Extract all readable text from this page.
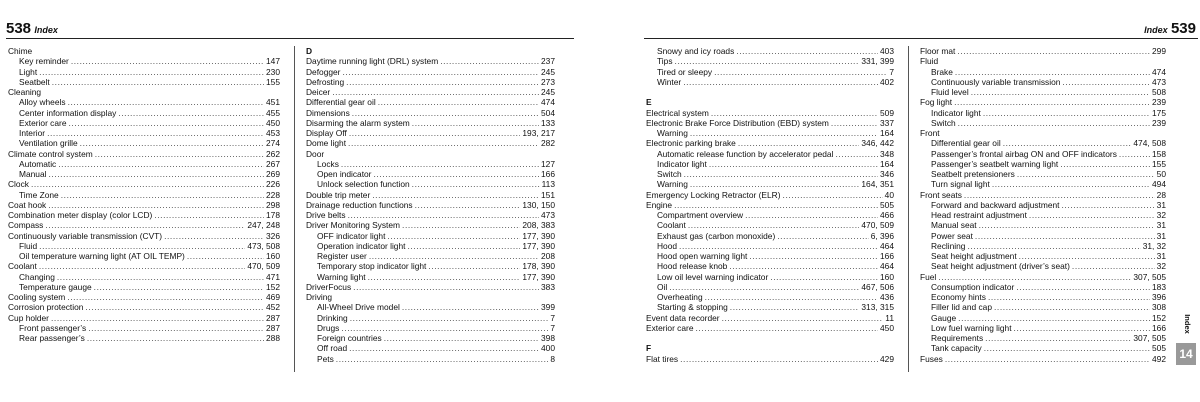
538 Index
Chime
Key reminder .....	147
Light .....	230
Seatbelt .....	155
Cleaning
Alloy wheels .....	451
Center information display .....	455
Exterior care .....	450
Interior .....	453
Ventilation grille .....	274
Climate control system .....	262
Automatic .....	267
Manual .....	269
Clock .....	226
Time Zone .....	228
Coat hook .....	298
Combination meter display (color LCD) .....	178
Compass .....	247, 248
Continuously variable transmission (CVT) .....	326
Fluid .....	473, 508
Oil temperature warning light (AT OIL TEMP) .....	160
Coolant .....	470, 509
Changing .....	471
Temperature gauge .....	152
Cooling system .....	469
Corrosion protection .....	452
Cup holder .....	287
Front passenger’s .....	287
Rear passenger’s .....	288
D
Daytime running light (DRL) system .....	237
Defogger .....	245
Defrosting .....	273
Deicer .....	245
Differential gear oil .....	474
Dimensions .....	504
Disarming the alarm system .....	133
Display Off .....	193, 217
Dome light .....	282
Door
Locks .....	127
Open indicator .....	166
Unlock selection function .....	113
Double trip meter .....	151
Drainage reduction functions .....	130, 150
Drive belts .....	473
Driver Monitoring System .....	208, 383
OFF indicator light .....	177, 390
Operation indicator light .....	177, 390
Register user .....	208
Temporary stop indicator light .....	178, 390
Warning light .....	177, 390
DriverFocus .....	383
Driving
All-Wheel Drive model .....	399
Drinking .....	7
Drugs .....	7
Foreign countries .....	398
Off road .....	400
Pets .....	8
Index 539
Snowy and icy roads .....	403
Tips .....	331, 399
Tired or sleepy .....	7
Winter .....	402
E
Electrical system .....	509
Electronic Brake Force Distribution (EBD) system .....	337
Warning .....	164
Electronic parking brake .....	346, 442
Automatic release function by accelerator pedal .....	348
Indicator light .....	164
Switch .....	346
Warning .....	164, 351
Emergency Locking Retractor (ELR) .....	40
Engine .....	505
Compartment overview .....	466
Coolant .....	470, 509
Exhaust gas (carbon monoxide) .....	6, 396
Hood .....	464
Hood open warning light .....	166
Hood release knob .....	464
Low oil level warning indicator .....	160
Oil .....	467, 506
Overheating .....	436
Starting & stopping .....	313, 315
Event data recorder .....	11
Exterior care .....	450
F
Flat tires .....	429
Floor mat .....	299
Fluid
Brake .....	474
Continuously variable transmission .....	473
Fluid level .....	508
Fog light .....	239
Indicator light .....	175
Switch .....	239
Front
Differential gear oil .....	474, 508
Passenger’s frontal airbag ON and OFF indicators .....	158
Passenger’s seatbelt warning light .....	155
Seatbelt pretensioners .....	50
Turn signal light .....	494
Front seats .....	28
Forward and backward adjustment .....	31
Head restraint adjustment .....	32
Manual seat .....	31
Power seat .....	31
Reclining .....	31, 32
Seat height adjustment .....	31
Seat height adjustment (driver’s seat) .....	32
Fuel .....	307, 505
Consumption indicator .....	183
Economy hints .....	396
Filler lid and cap .....	308
Gauge .....	152
Low fuel warning light .....	166
Requirements .....	307, 505
Tank capacity .....	505
Fuses .....	492
Index
14
